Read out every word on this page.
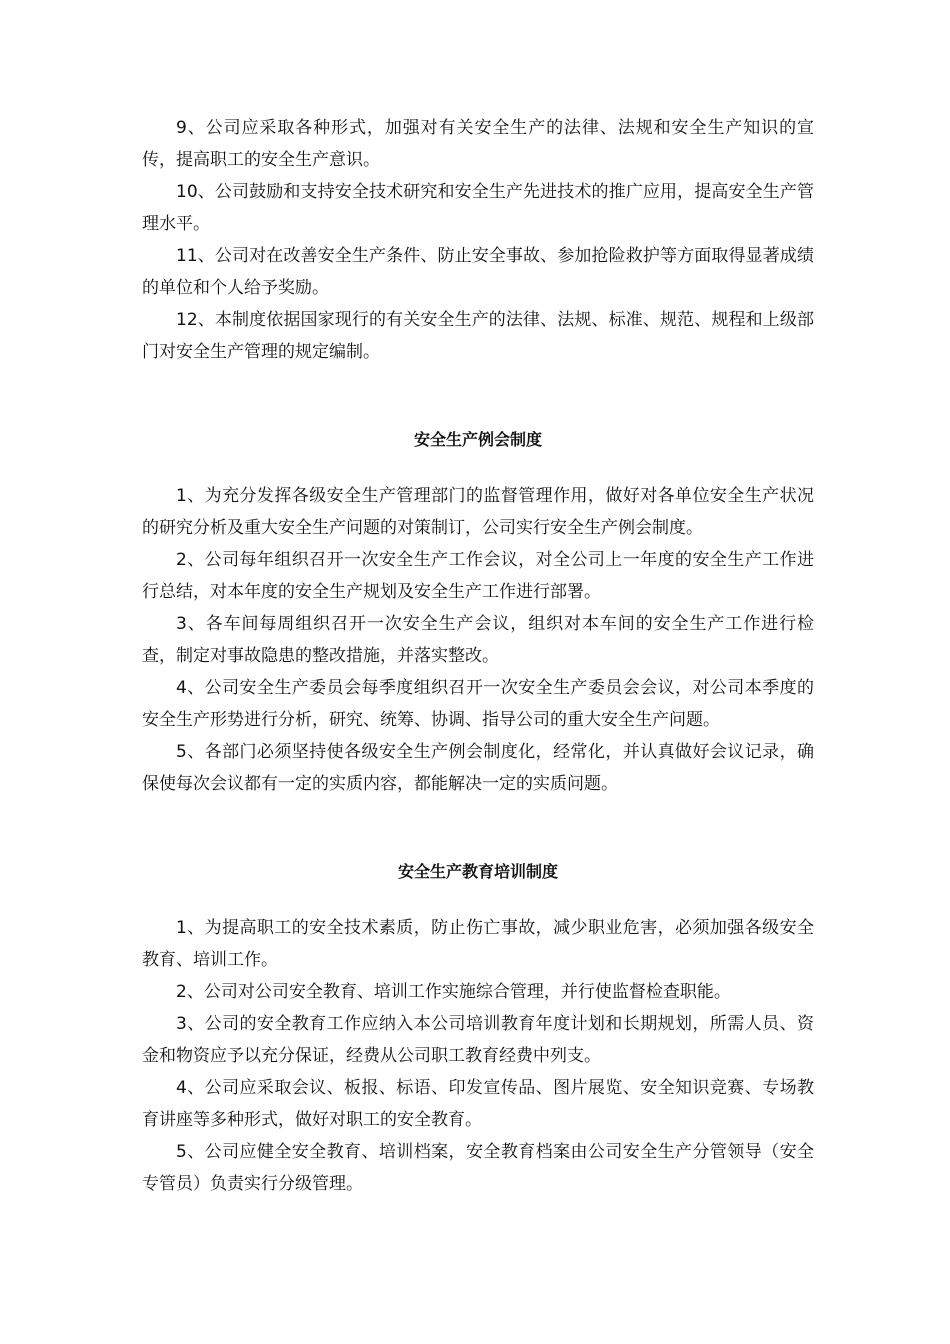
9、公司应采取各种形式，加强对有关安全生产的法律、法规和安全生产知识的宣传，提高职工的安全生产意识。

10、公司鼓励和支持安全技术研究和安全生产先进技术的推广应用，提高安全生产管理水平。

11、公司对在改善安全生产条件、防止安全事故、参加抢险救护等方面取得显著成绩的单位和个人给予奖励。

12、本制度依据国家现行的有关安全生产的法律、法规、标准、规范、规程和上级部门对安全生产管理的规定编制。

安全生产例会制度

1、为充分发挥各级安全生产管理部门的监督管理作用，做好对各单位安全生产状况的研究分析及重大安全生产问题的对策制订，公司实行安全生产例会制度。

2、公司每年组织召开一次安全生产工作会议，对全公司上一年度的安全生产工作进行总结，对本年度的安全生产规划及安全生产工作进行部署。

3、各车间每周组织召开一次安全生产会议，组织对本车间的安全生产工作进行检查，制定对事故隐患的整改措施，并落实整改。

4、公司安全生产委员会每季度组织召开一次安全生产委员会会议，对公司本季度的安全生产形势进行分析，研究、统筹、协调、指导公司的重大安全生产问题。

5、各部门必须坚持使各级安全生产例会制度化，经常化，并认真做好会议记录，确保使每次会议都有一定的实质内容，都能解决一定的实质问题。

安全生产教育培训制度

1、为提高职工的安全技术素质，防止伤亡事故，减少职业危害，必须加强各级安全教育、培训工作。

2、公司对公司安全教育、培训工作实施综合管理，并行使监督检查职能。

3、公司的安全教育工作应纳入本公司培训教育年度计划和长期规划，所需人员、资金和物资应予以充分保证，经费从公司职工教育经费中列支。

4、公司应采取会议、板报、标语、印发宣传品、图片展览、安全知识竞赛、专场教育讲座等多种形式，做好对职工的安全教育。

5、公司应健全安全教育、培训档案，安全教育档案由公司安全生产分管领导（安全专管员）负责实行分级管理。
